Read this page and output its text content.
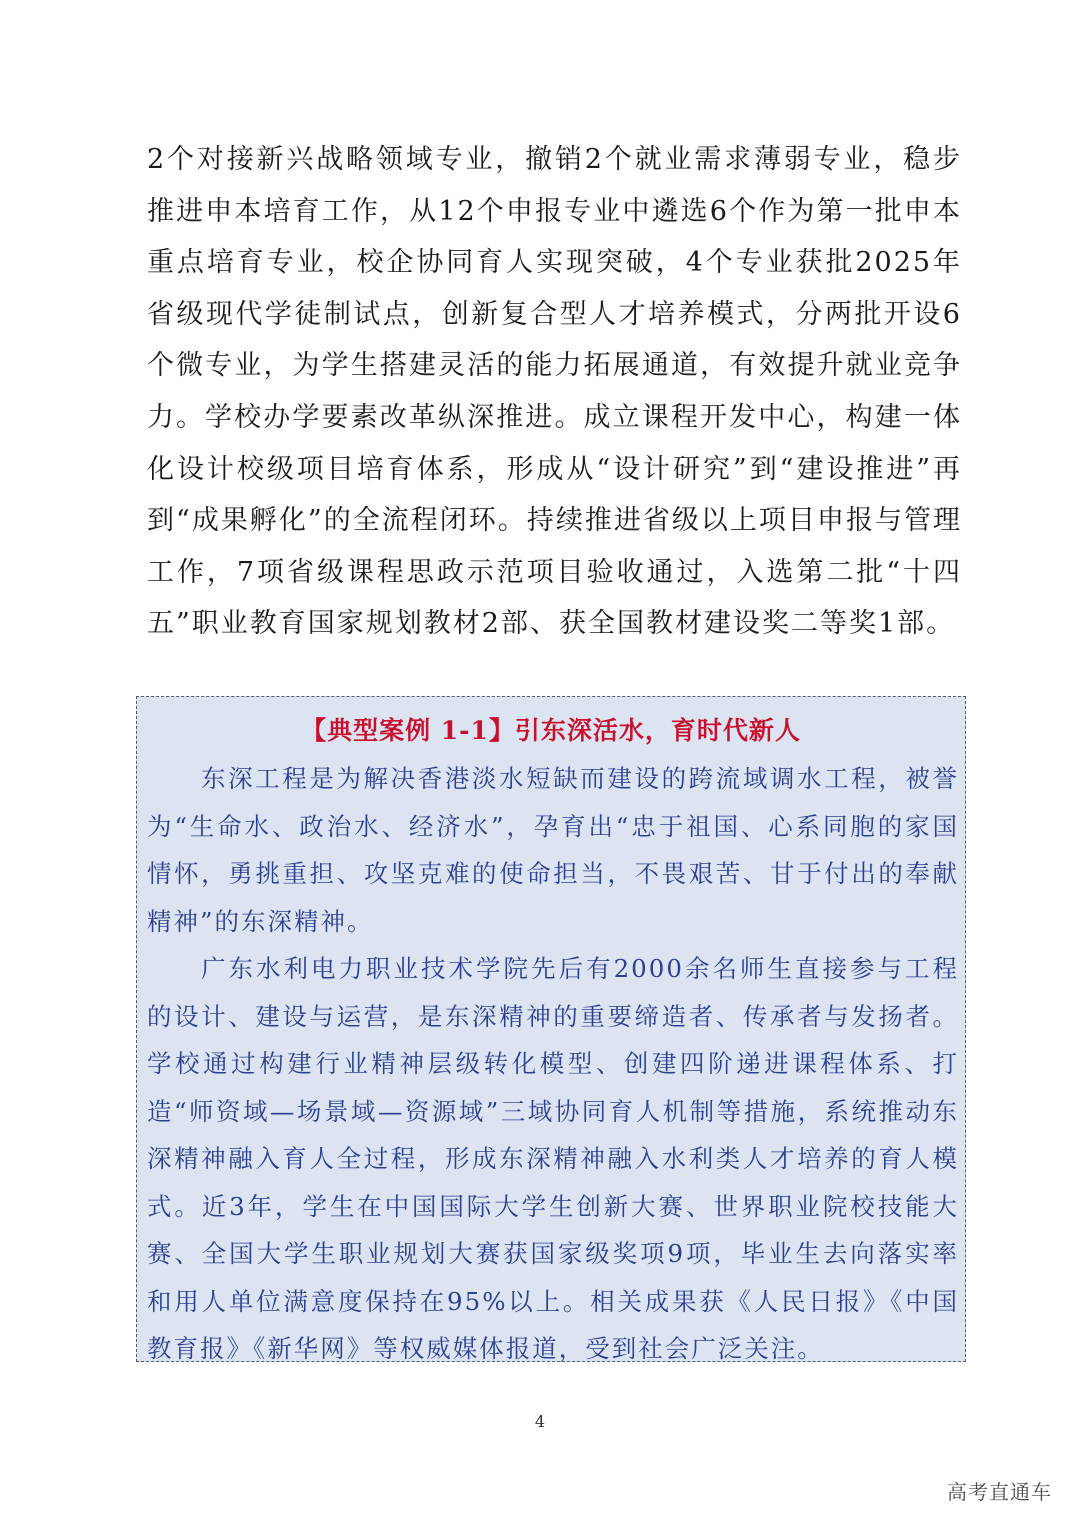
2个对接新兴战略领域专业，撤销2个就业需求薄弱专业，稳步推进申本培育工作，从12个申报专业中遴选6个作为第一批申本重点培育专业，校企协同育人实现突破，4个专业获批2025年省级现代学徒制试点，创新复合型人才培养模式，分两批开设6个微专业，为学生搭建灵活的能力拓展通道，有效提升就业竞争力。 学校办学要素改革纵深推进。成立课程开发中心，构建一体化设计校级项目培育体系，形成从“设计研究”到“建设推进”再到“成果孵化”的全流程闭环。持续推进省级以上项目申报与管理工作，7项省级课程思政示范项目验收通过，入选第二批“十四五”职业教育国家规划教材2部、获全国教材建设奖二等奖1部。

【典型案例 1-1】引东深活水，育时代新人

东深工程是为解决香港淡水短缺而建设的跨流域调水工程，被誉为“生命水、政治水、经济水”，孕育出“忠于祖国、心系同胞的家国情怀，勇挑重担、攻坚克难的使命担当，不畏艰苦、甘于付出的奉献精神”的东深精神。

广东水利电力职业技术学院先后有2000余名师生直接参与工程的设计、建设与运营，是东深精神的重要缔造者、传承者与发扬者。学校通过构建行业精神层级转化模型、创建四阶递进课程体系、打造“师资域—场景域—资源域”三域协同育人机制等措施，系统推动东深精神融入育人全过程，形成东深精神融入水利类人才培养的育人模式。近3年，学生在中国国际大学生创新大赛、世界职业院校技能大赛、全国大学生职业规划大赛获国家级奖项9项，毕业生去向落实率和用人单位满意度保持在95%以上。相关成果获《人民日报》《中国教育报》《新华网》等权威媒体报道，受到社会广泛关注。

4
高考直通车
